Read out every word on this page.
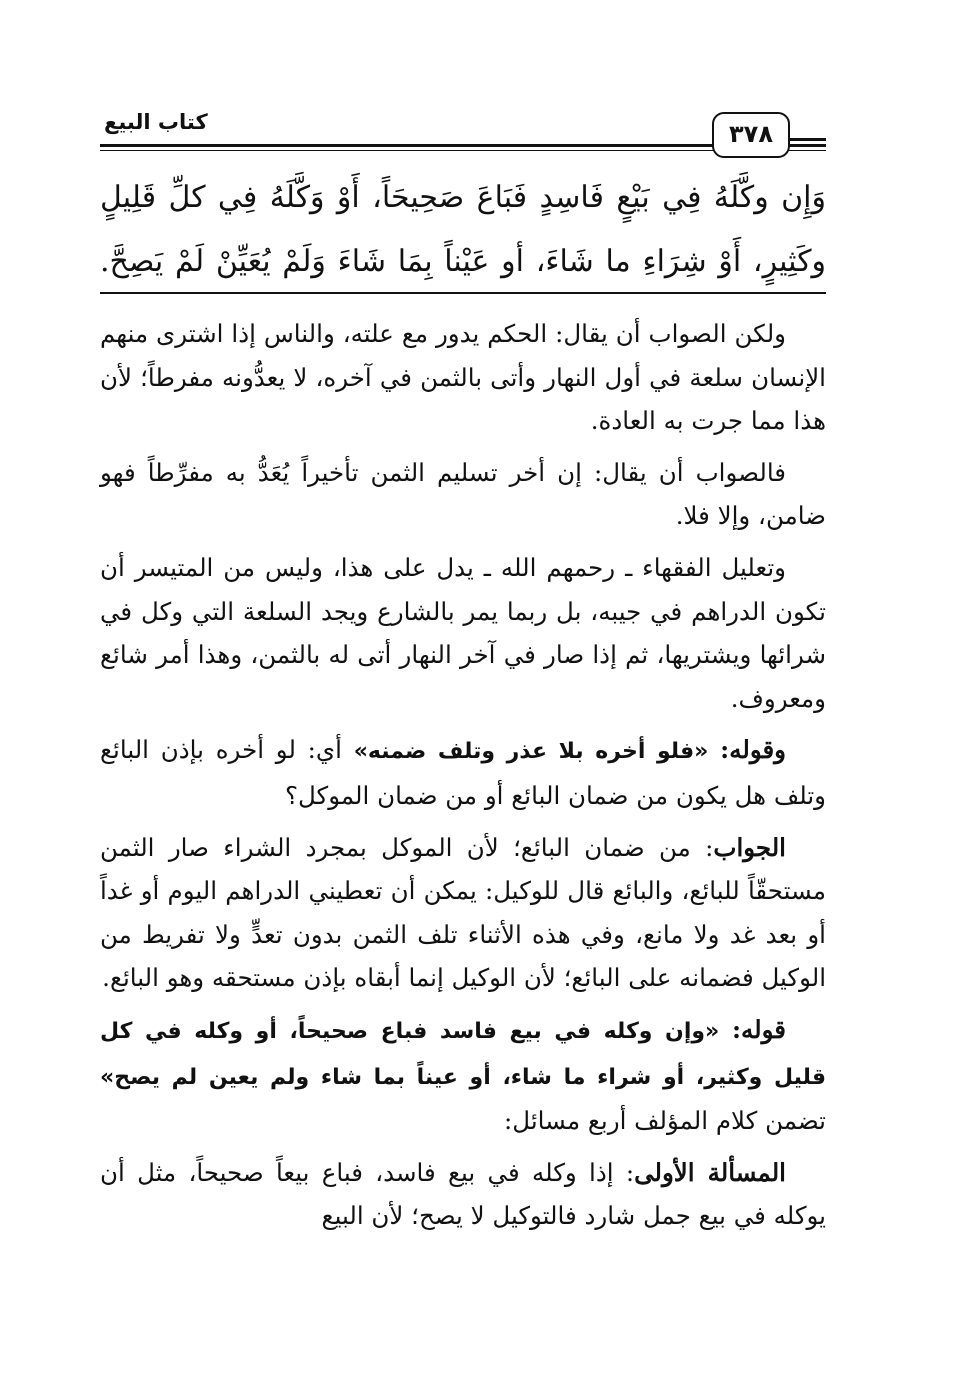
كتاب البيع	٣٧٨
وَإِن وكَّلَهُ فِي بَيْعٍ فَاسِدٍ فَبَاعَ صَحِيحَاً، أَوْ وَكَّلَهُ فِي كلِّ قَلِيلٍ
وكَثِيرٍ، أَوْ شِرَاءِ ما شَاءَ، أو عَيْناً بِمَا شَاءَ وَلَمْ يُعَيِّنْ لَمْ يَصِحَّ.

ولكن الصواب أن يقال: الحكم يدور مع علته، والناس إذا اشترى منهم الإنسان سلعة في أول النهار وأتى بالثمن في آخره، لا يعدُّونه مفرطاً؛ لأن هذا مما جرت به العادة.

فالصواب أن يقال: إن أخر تسليم الثمن تأخيراً يُعَدُّ به مفرِّطاً فهو ضامن، وإلا فلا.

وتعليل الفقهاء ـ رحمهم الله ـ يدل على هذا، وليس من المتيسر أن تكون الدراهم في جيبه، بل ربما يمر بالشارع ويجد السلعة التي وكل في شرائها ويشتريها، ثم إذا صار في آخر النهار أتى له بالثمن، وهذا أمر شائع ومعروف.

وقوله: «فلو أخره بلا عذر وتلف ضمنه» أي: لو أخره بإذن البائع وتلف هل يكون من ضمان البائع أو من ضمان الموكل؟

الجواب: من ضمان البائع؛ لأن الموكل بمجرد الشراء صار الثمن مستحقّاً للبائع، والبائع قال للوكيل: يمكن أن تعطيني الدراهم اليوم أو غداً أو بعد غد ولا مانع، وفي هذه الأثناء تلف الثمن بدون تعدٍّ ولا تفريط من الوكيل فضمانه على البائع؛ لأن الوكيل إنما أبقاه بإذن مستحقه وهو البائع.

قوله: «وإن وكله في بيع فاسد فباع صحيحاً، أو وكله في كل قليل وكثير، أو شراء ما شاء، أو عيناً بما شاء ولم يعين لم يصح» تضمن كلام المؤلف أربع مسائل:

المسألة الأولى: إذا وكله في بيع فاسد، فباع بيعاً صحيحاً، مثل أن يوكله في بيع جمل شارد فالتوكيل لا يصح؛ لأن البيع
